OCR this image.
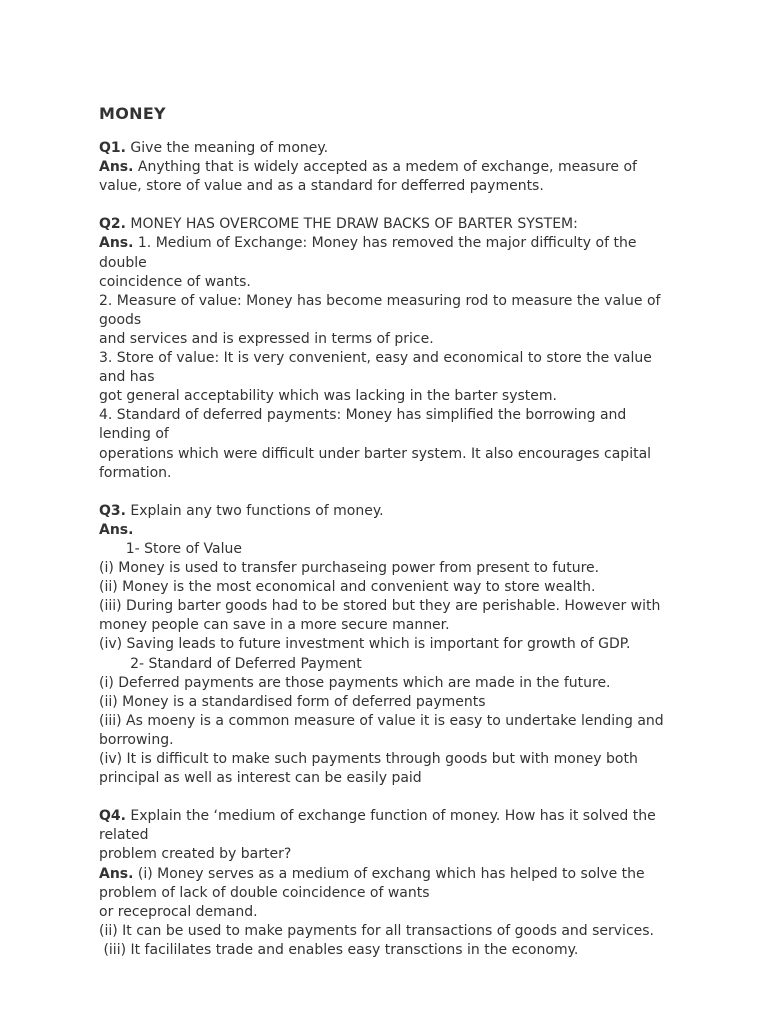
MONEY
Q1. Give the meaning of money.
Ans. Anything that is widely accepted as a medem of exchange, measure of
value, store of value and as a standard for defferred payments.
Q2. MONEY HAS OVERCOME THE DRAW BACKS OF BARTER SYSTEM:
Ans. 1. Medium of Exchange: Money has removed the major difficulty of the
double
coincidence of wants.
2. Measure of value: Money has become measuring rod to measure the value of
goods
and services and is expressed in terms of price.
3. Store of value: It is very convenient, easy and economical to store the value
and has
got general acceptability which was lacking in the barter system.
4. Standard of deferred payments: Money has simplified the borrowing and
lending of
operations which were difficult under barter system. It also encourages capital
formation.
Q3. Explain any two functions of money.
Ans.
1- Store of Value
(i) Money is used to transfer purchaseing power from present to future.
(ii) Money is the most economical and convenient way to store wealth.
(iii) During barter goods had to be stored but they are perishable. However with
money people can save in a more secure manner.
(iv) Saving leads to future investment which is important for growth of GDP.
2- Standard of Deferred Payment
(i) Deferred payments are those payments which are made in the future.
(ii) Money is a standardised form of deferred payments
(iii) As moeny is a common measure of value it is easy to undertake lending and
borrowing.
(iv) It is difficult to make such payments through goods but with money both
principal as well as interest can be easily paid
Q4. Explain the ‘medium of exchange function of money. How has it solved the
related
problem created by barter?
Ans. (i) Money serves as a medium of exchang which has helped to solve the
problem of lack of double coincidence of wants
or receprocal demand.
(ii) It can be used to make payments for all transactions of goods and services.
(iii) It facililates trade and enables easy transctions in the economy.
